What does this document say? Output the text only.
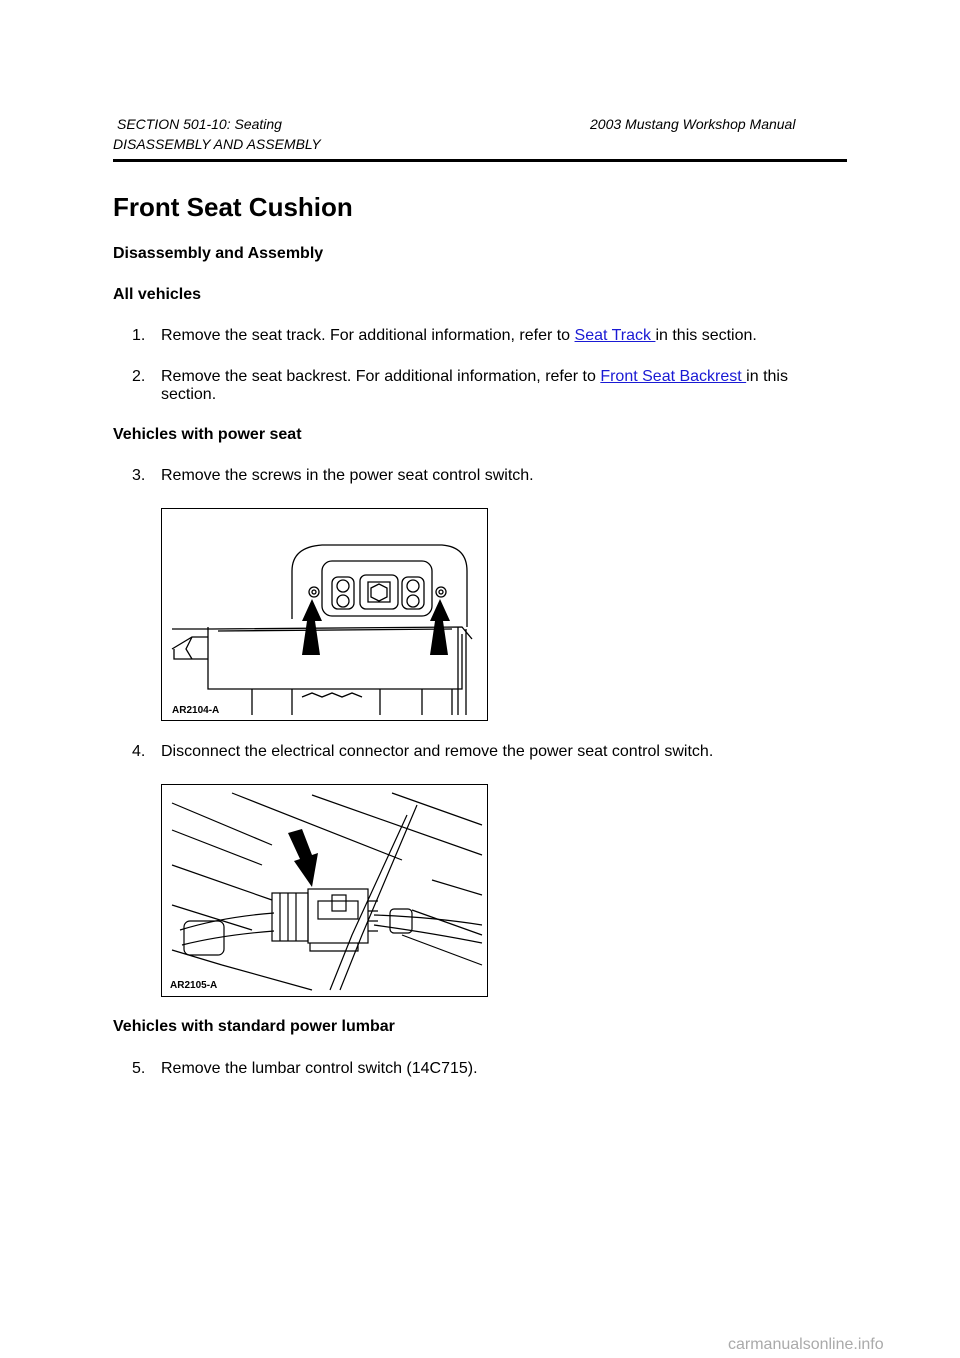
SECTION 501-10: Seating	2003 Mustang Workshop Manual
DISASSEMBLY AND ASSEMBLY
Front Seat Cushion
Disassembly and Assembly
All vehicles
1. Remove the seat track. For additional information, refer to Seat Track in this section.
2. Remove the seat backrest. For additional information, refer to Front Seat Backrest in this section.
Vehicles with power seat
3. Remove the screws in the power seat control switch.
AR2104-A
4. Disconnect the electrical connector and remove the power seat control switch.
AR2105-A
Vehicles with standard power lumbar
5. Remove the lumbar control switch (14C715).
carmanualsonline.info
